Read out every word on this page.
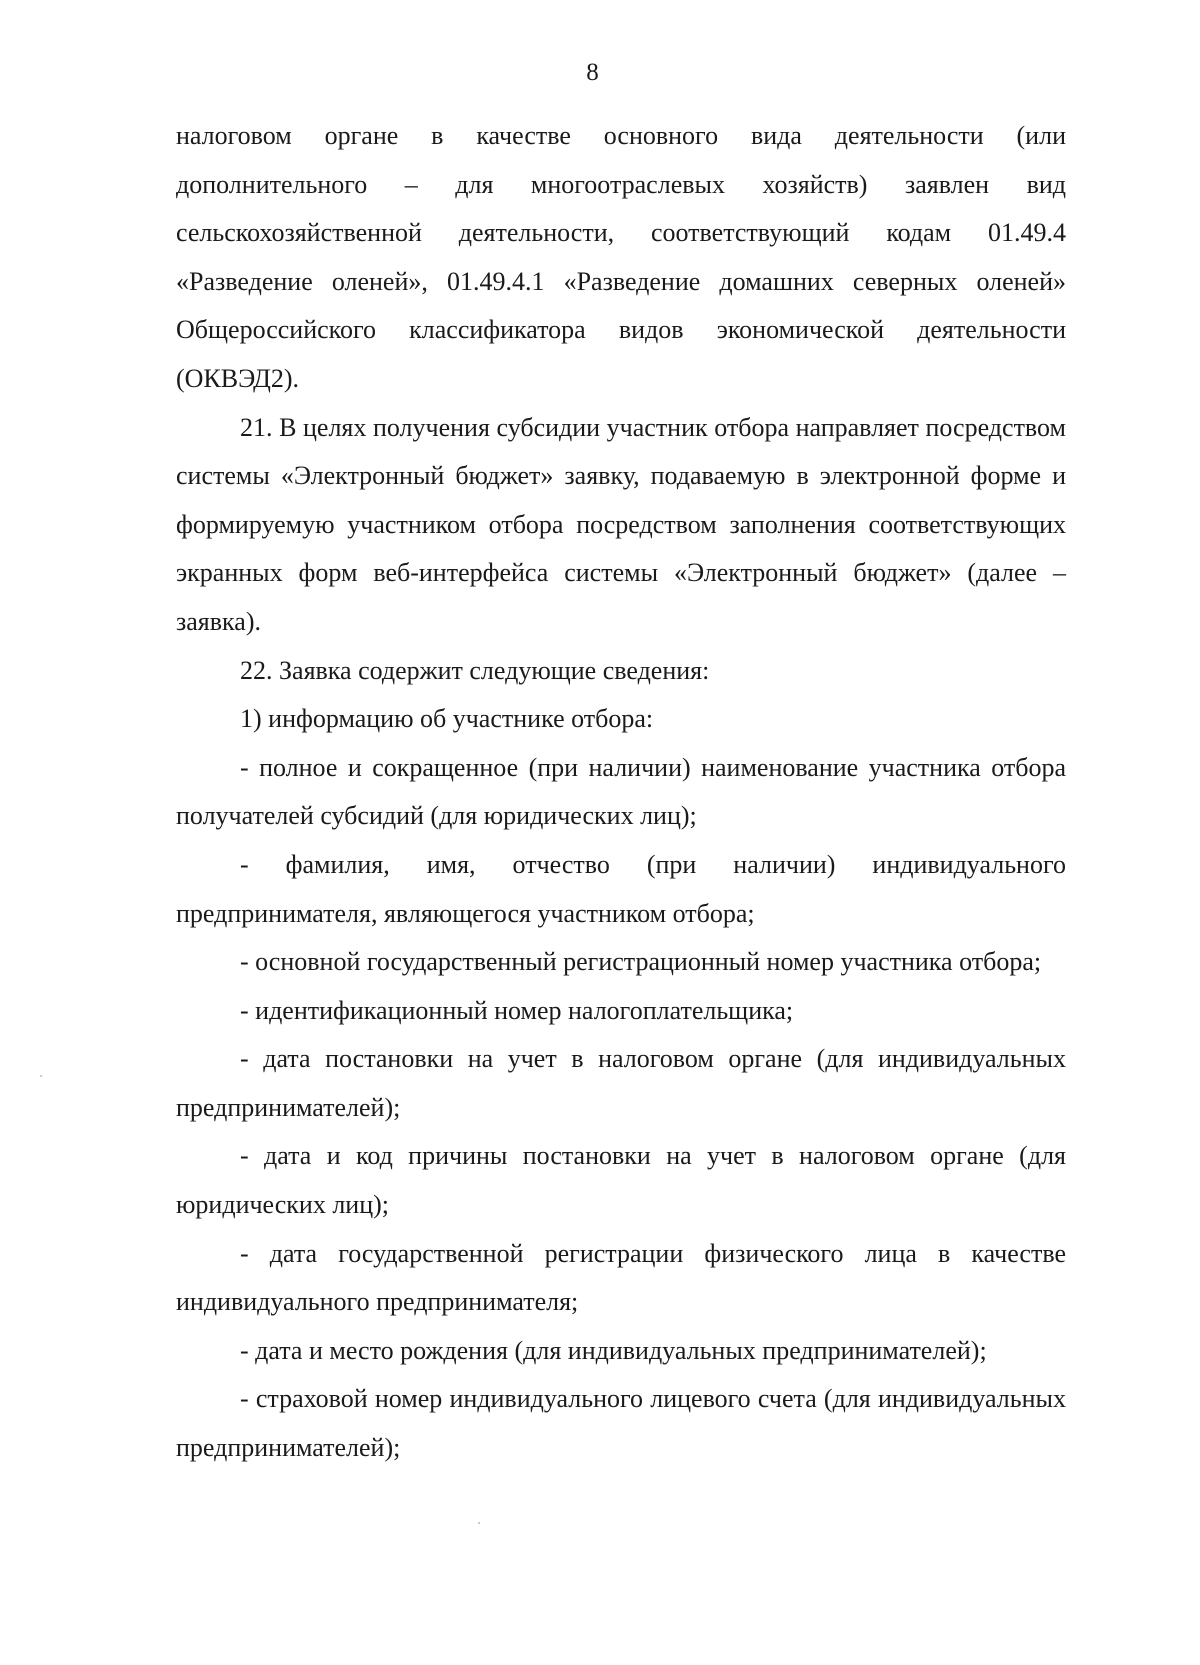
8

налоговом органе в качестве основного вида деятельности (или дополнительного – для многоотраслевых хозяйств) заявлен вид сельскохозяйственной деятельности, соответствующий кодам 01.49.4 «Разведение оленей», 01.49.4.1 «Разведение домашних северных оленей» Общероссийского классификатора видов экономической деятельности (ОКВЭД2).

21. В целях получения субсидии участник отбора направляет посредством системы «Электронный бюджет» заявку, подаваемую в электронной форме и формируемую участником отбора посредством заполнения соответствующих экранных форм веб-интерфейса системы «Электронный бюджет» (далее – заявка).

22. Заявка содержит следующие сведения:

1) информацию об участнике отбора:

- полное и сокращенное (при наличии) наименование участника отбора получателей субсидий (для юридических лиц);

- фамилия, имя, отчество (при наличии) индивидуального предпринимателя, являющегося участником отбора;

- основной государственный регистрационный номер участника отбора;

- идентификационный номер налогоплательщика;

- дата постановки на учет в налоговом органе (для индивидуальных предпринимателей);

- дата и код причины постановки на учет в налоговом органе (для юридических лиц);

- дата государственной регистрации физического лица в качестве индивидуального предпринимателя;

- дата и место рождения (для индивидуальных предпринимателей);

- страховой номер индивидуального лицевого счета (для индивидуальных предпринимателей);
